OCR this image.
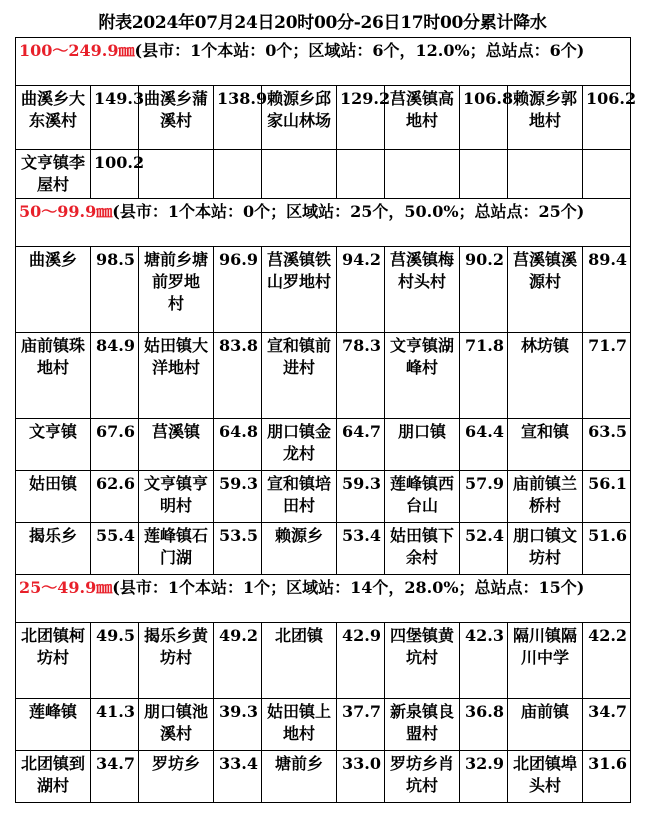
附表2024年07月24日20时00分-26日17时00分累计降水
100～249.9㎜(县市：1个本站：0个；区域站：6个，12.0%；总站点：6个)									
曲溪乡大东溪村	149.3	曲溪乡蒲溪村	138.9	赖源乡邱家山林场	129.2	莒溪镇高地村	106.8	赖源乡郭地村	106.2
文亨镇李屋村	100.2								
50～99.9㎜(县市：1个本站：0个；区域站：25个，50.0%；总站点：25个)									
曲溪乡	98.5	塘前乡塘前罗地 村	96.9	莒溪镇铁山罗地村	94.2	莒溪镇梅村头村	90.2	莒溪镇溪源村	89.4
庙前镇珠地村	84.9	姑田镇大洋地村	83.8	宣和镇前进村	78.3	文亨镇湖峰村	71.8	林坊镇	71.7
文亨镇	67.6	莒溪镇	64.8	朋口镇金龙村	64.7	朋口镇	64.4	宣和镇	63.5
姑田镇	62.6	文亨镇亨明村	59.3	宣和镇培田村	59.3	莲峰镇西台山	57.9	庙前镇兰桥村	56.1
揭乐乡	55.4	莲峰镇石门湖	53.5	赖源乡	53.4	姑田镇下余村	52.4	朋口镇文坊村	51.6
25～49.9㎜(县市：1个本站：1个；区域站：14个，28.0%；总站点：15个)									
北团镇柯坊村	49.5	揭乐乡黄坊村	49.2	北团镇	42.9	四堡镇黄坑村	42.3	隔川镇隔川中学	42.2
莲峰镇	41.3	朋口镇池溪村	39.3	姑田镇上地村	37.7	新泉镇良盟村	36.8	庙前镇	34.7
北团镇到湖村	34.7	罗坊乡	33.4	塘前乡	33.0	罗坊乡肖坑村	32.9	北团镇埠头村	31.6
